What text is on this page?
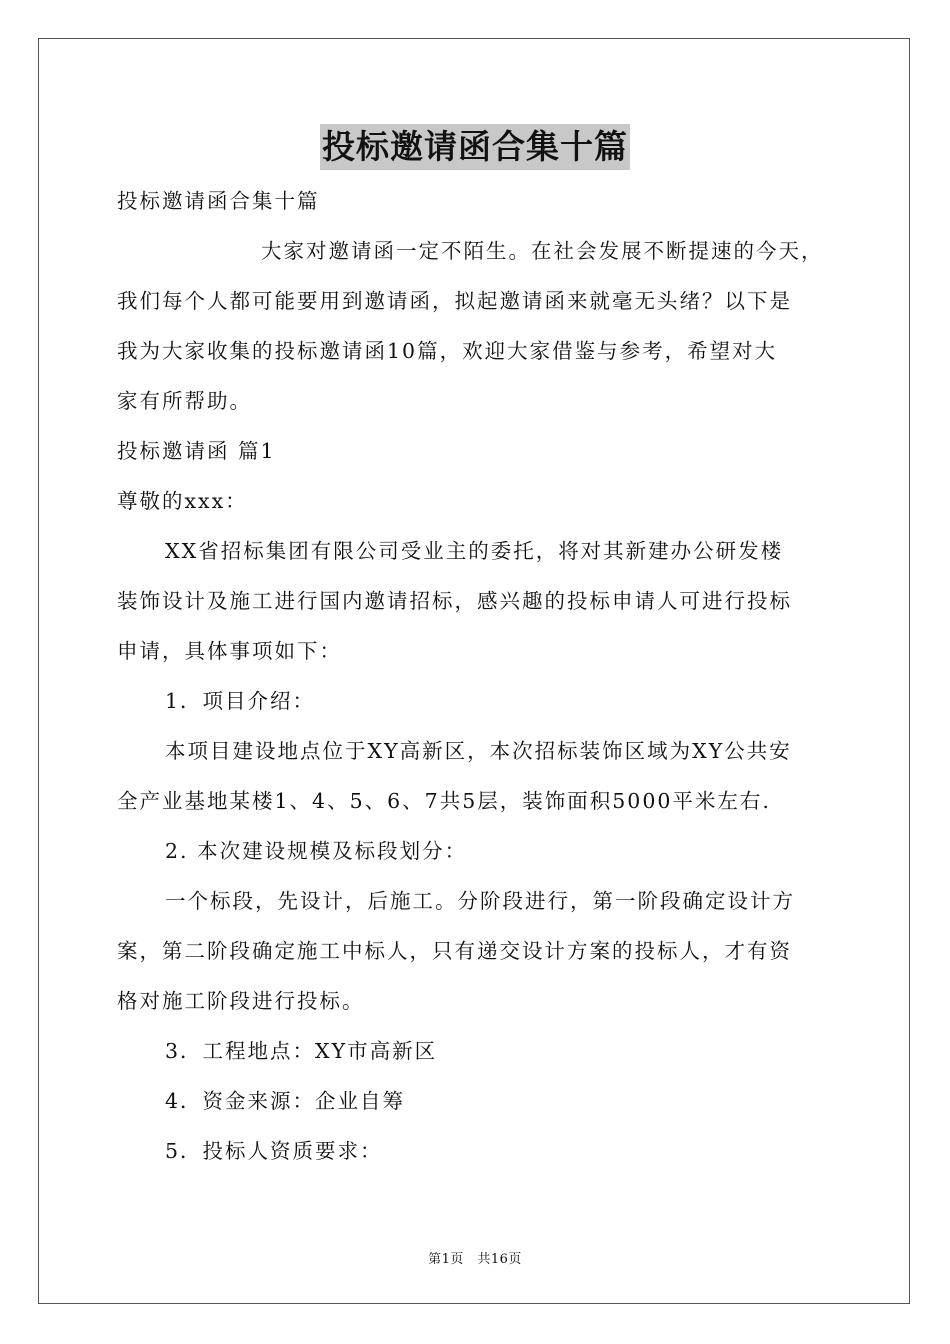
投标邀请函合集十篇

投标邀请函合集十篇

大家对邀请函一定不陌生。在社会发展不断提速的今天，

我们每个人都可能要用到邀请函，拟起邀请函来就毫无头绪？以下是

我为大家收集的投标邀请函10篇，欢迎大家借鉴与参考，希望对大

家有所帮助。

投标邀请函 篇1

尊敬的xxx：

XX省招标集团有限公司受业主的委托，将对其新建办公研发楼

装饰设计及施工进行国内邀请招标，感兴趣的投标申请人可进行投标

申请，具体事项如下：

1．项目介绍：

本项目建设地点位于XY高新区，本次招标装饰区域为XY公共安

全产业基地某楼1、4、5、6、7共5层，装饰面积5000平米左右.

2. 本次建设规模及标段划分：

一个标段，先设计，后施工。分阶段进行，第一阶段确定设计方

案，第二阶段确定施工中标人，只有递交设计方案的投标人，才有资

格对施工阶段进行投标。

3．工程地点：XY市高新区

4．资金来源：企业自筹

5．投标人资质要求：

第1页　共16页
